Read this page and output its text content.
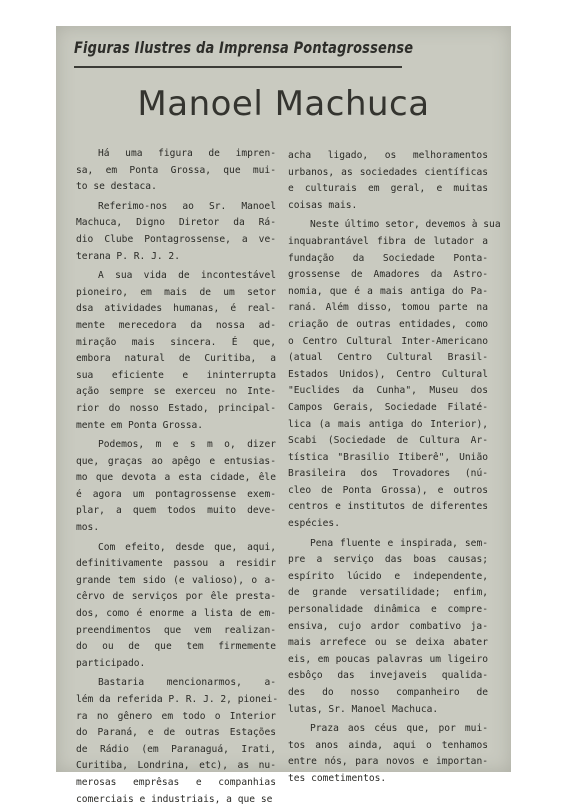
Figuras Ilustres da Imprensa Pontagrossense
Manoel Machuca

Há uma figura de impren-
sa, em Ponta Grossa, que mui-
to se destaca.

Referimo-nos ao Sr. Manoel
Machuca, Digno Diretor da Rá-
dio Clube Pontagrossense, a ve-
terana P. R. J. 2.

A sua vida de incontestável
pioneiro, em mais de um setor
dsa atividades humanas, é real-
mente merecedora da nossa ad-
miração mais sincera. É que,
embora natural de Curitiba, a
sua eficiente e ininterrupta
ação sempre se exerceu no Inte-
rior do nosso Estado, principal-
mente em Ponta Grossa.

Podemos, m e s m o, dizer
que, graças ao apêgo e entusias-
mo que devota a esta cidade, êle
é agora um pontagrossense exem-
plar, a quem todos muito deve-
mos.

Com efeito, desde que, aqui,
definitivamente passou a residir
grande tem sido (e valioso), o a-
cêrvo de serviços por êle presta-
dos, como é enorme a lista de em-
preendimentos que vem realizan-
do ou de que tem firmemente
participado.

Bastaria mencionarmos, a-
lém da referida P. R. J. 2, pionei-
ra no gênero em todo o Interior
do Paraná, e de outras Estações
de Rádio (em Paranaguá, Irati,
Curitiba, Londrina, etc), as nu-
merosas emprêsas e companhias
comerciais e industriais, a que se

acha ligado, os melhoramentos
urbanos, as sociedades científicas
e culturais em geral, e muitas
coisas mais.

Neste último setor, devemos à sua
inquabrantável fibra de lutador a
fundação da Sociedade Ponta-
grossense de Amadores da Astro-
nomia, que é a mais antiga do Pa-
raná. Além disso, tomou parte na
criação de outras entidades, como
o Centro Cultural Inter-Americano
(atual Centro Cultural Brasil-
Estados Unidos), Centro Cultural
"Euclides da Cunha", Museu dos
Campos Gerais, Sociedade Filaté-
lica (a mais antiga do Interior),
Scabi (Sociedade de Cultura Ar-
tística "Brasilio Itiberê", União
Brasileira dos Trovadores (nú-
cleo de Ponta Grossa), e outros
centros e institutos de diferentes
espécies.

Pena fluente e inspirada, sem-
pre a serviço das boas causas;
espírito lúcido e independente,
de grande versatilidade; enfim,
personalidade dinâmica e compre-
ensiva, cujo ardor combativo ja-
mais arrefece ou se deixa abater
eis, em poucas palavras um ligeiro
esbôço das invejaveis qualida-
des do nosso companheiro de
lutas, Sr. Manoel Machuca.

Praza aos céus que, por mui-
tos anos ainda, aqui o tenhamos
entre nós, para novos e importan-
tes cometimentos.
